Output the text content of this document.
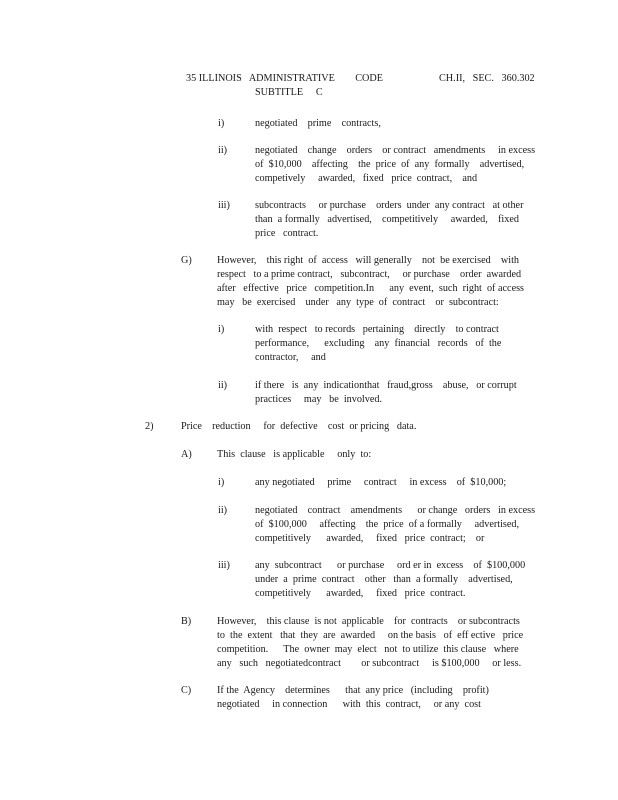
35 ILLINOIS   ADMINISTRATIVE        CODE	CH.II,   SEC.   360.302
SUBTITLE     C
i)	negotiated    prime    contracts,
ii)	negotiated    change    orders    or contract   amendments     in excess
of  $10,000    affecting    the  price  of  any  formally    advertised,
competively     awarded,   fixed   price  contract,    and
iii) subcontracts     or purchase    orders  under  any contract   at other
than  a formally   advertised,    competitively     awarded,    fixed
price   contract.
G) However,    this right  of  access   will generally    not  be exercised    with
respect   to a prime contract,   subcontract,     or purchase    order  awarded
after   effective   price   competition.In      any  event,  such  right  of access
may   be  exercised    under   any  type  of  contract    or  subcontract:
i)	with  respect   to records   pertaining    directly    to contract
performance,      excluding    any  financial   records   of  the
contractor,     and
ii)	if there   is  any  indicationthat   fraud,gross    abuse,   or corrupt
practices     may   be  involved.
2)	Price    reduction     for  defective    cost  or pricing   data.
A) This  clause   is applicable     only  to:
i)	any negotiated     prime     contract     in excess    of  $10,000;
ii)	negotiated    contract    amendments      or change   orders   in excess
of  $100,000     affecting    the  price  of a formally     advertised,
competitively      awarded,     fixed   price  contract;    or
iii) any  subcontract      or purchase     ord er in  excess    of  $100,000
under  a  prime  contract    other   than  a formally    advertised,
competitively      awarded,     fixed   price  contract.
B)	However,    this clause  is not  applicable    for  contracts    or subcontracts
to  the  extent   that  they  are  awarded     on the basis   of  eff ective   price
competition.      The  owner  may  elect   not  to utilize  this clause   where
any   such   negotiatedcontract        or subcontract     is $100,000     or less.
C)	If the  Agency    determines      that  any price   (including    profit)
negotiated     in connection      with  this  contract,     or any  cost
